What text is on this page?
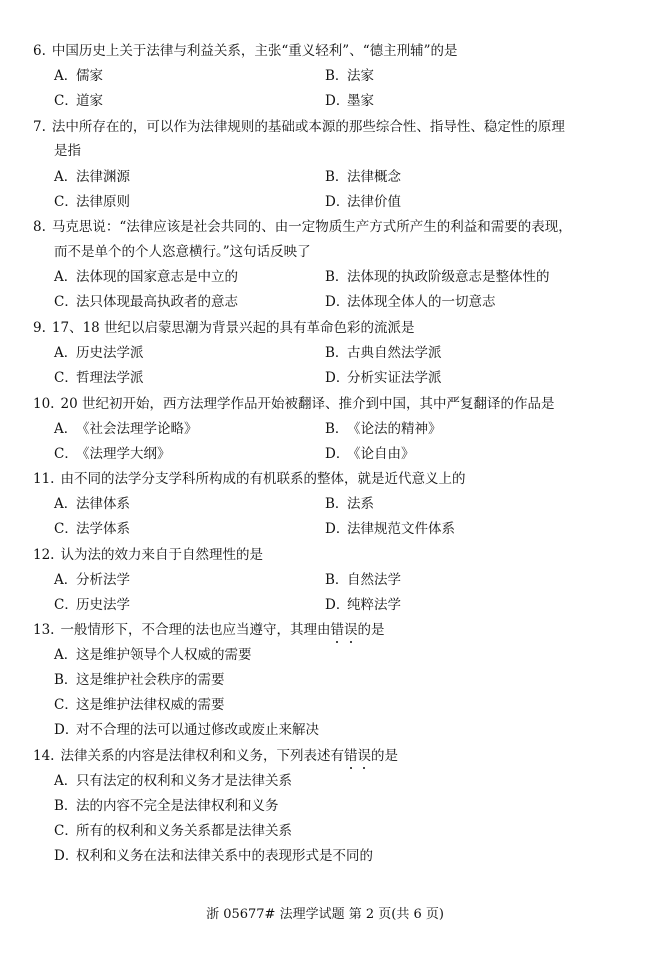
6. 中国历史上关于法律与利益关系，主张“重义轻利”、“德主刑辅”的是
A．儒家	B．法家
C．道家	D．墨家
7. 法中所存在的，可以作为法律规则的基础或本源的那些综合性、指导性、稳定性的原理
是指
A．法律渊源	B．法律概念
C．法律原则	D．法律价值
8. 马克思说：“法律应该是社会共同的、由一定物质生产方式所产生的利益和需要的表现，
而不是单个的个人恣意横行。”这句话反映了
A．法体现的国家意志是中立的	B．法体现的执政阶级意志是整体性的
C．法只体现最高执政者的意志	D．法体现全体人的一切意志
9. 17、18 世纪以启蒙思潮为背景兴起的具有革命色彩的流派是
A．历史法学派	B．古典自然法学派
C．哲理法学派	D．分析实证法学派
10. 20 世纪初开始，西方法理学作品开始被翻译、推介到中国，其中严复翻译的作品是
A．《社会法理学论略》	B．《论法的精神》
C．《法理学大纲》	D．《论自由》
11. 由不同的法学分支学科所构成的有机联系的整体，就是近代意义上的
A．法律体系	B．法系
C．法学体系	D．法律规范文件体系
12. 认为法的效力来自于自然理性的是
A．分析法学	B．自然法学
C．历史法学	D．纯粹法学
13. 一般情形下，不合理的法也应当遵守，其理由错误的是
A．这是维护领导个人权威的需要
B．这是维护社会秩序的需要
C．这是维护法律权威的需要
D．对不合理的法可以通过修改或废止来解决
14. 法律关系的内容是法律权利和义务，下列表述有错误的是
A．只有法定的权利和义务才是法律关系
B．法的内容不完全是法律权利和义务
C．所有的权利和义务关系都是法律关系
D．权利和义务在法和法律关系中的表现形式是不同的
浙 05677# 法理学试题 第 2 页(共 6 页)
